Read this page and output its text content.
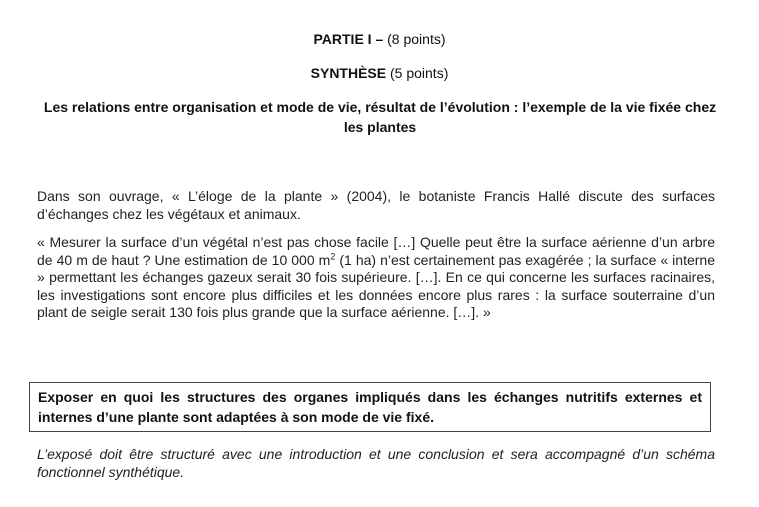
PARTIE I – (8 points)
SYNTHÈSE (5 points)
Les relations entre organisation et mode de vie, résultat de l’évolution : l’exemple de la vie fixée chez les plantes
Dans son ouvrage, « L’éloge de la plante » (2004), le botaniste Francis Hallé discute des surfaces d’échanges chez les végétaux et animaux.
« Mesurer la surface d’un végétal n’est pas chose facile […] Quelle peut être la surface aérienne d’un arbre de 40 m de haut ? Une estimation de 10 000 $m^2$ (1 ha) n’est certainement pas exagérée ; la surface « interne » permettant les échanges gazeux serait 30 fois supérieure. […]. En ce qui concerne les surfaces racinaires, les investigations sont encore plus difficiles et les données encore plus rares : la surface souterraine d’un plant de seigle serait 130 fois plus grande que la surface aérienne. […]. »
Exposer en quoi les structures des organes impliqués dans les échanges nutritifs externes et internes d’une plante sont adaptées à son mode de vie fixé.
L’exposé doit être structuré avec une introduction et une conclusion et sera accompagné d’un schéma fonctionnel synthétique.
